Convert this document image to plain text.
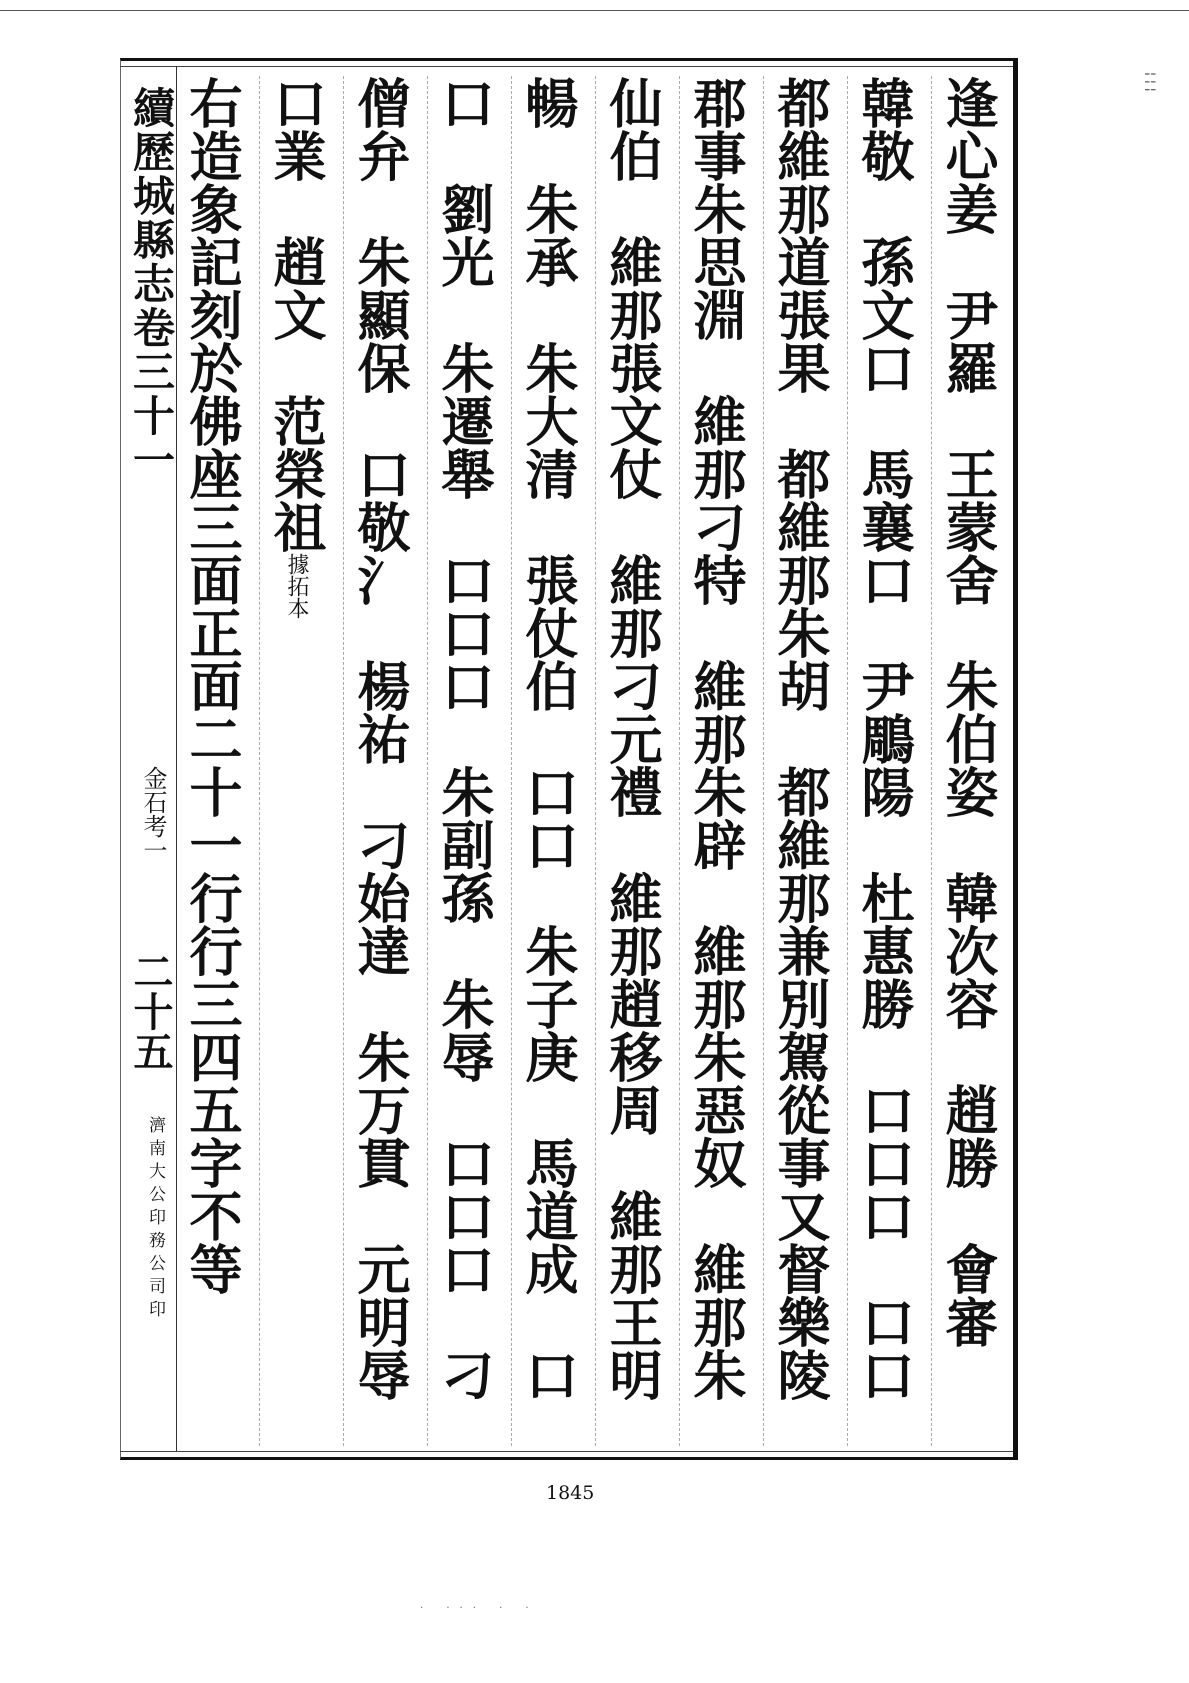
¦ ¦ ¦
逢心姜　尹羅　王蒙舍　朱伯姿　韓次容　趙勝　會審
韓敬　孫文口　馬襄口　尹鵰陽　杜惠勝　口口口　口口
都維那道張果　都維那朱胡　都維那兼別駕從事又督樂陵
郡事朱思淵　維那刁特　維那朱辟　維那朱惡奴　維那朱
仙伯　維那張文仗　維那刁元禮　維那趙移周　維那王明
暢　朱承　朱大清　張仗伯　口口　朱子庚　馬道成　口
口　劉光　朱遷舉　口口口　朱副孫　朱辱　口口口　刁
僧弁　朱顯保　口敬氵　楊祐　刁始達　朱万貫　元明辱
口業　趙文　范榮祖據拓本
右造象記刻於佛座三面正面二十一行行三四五字不等
續歷城縣志卷三十一
金石考一
二十五
濟南大公印務公司印
1845
. ... . .
